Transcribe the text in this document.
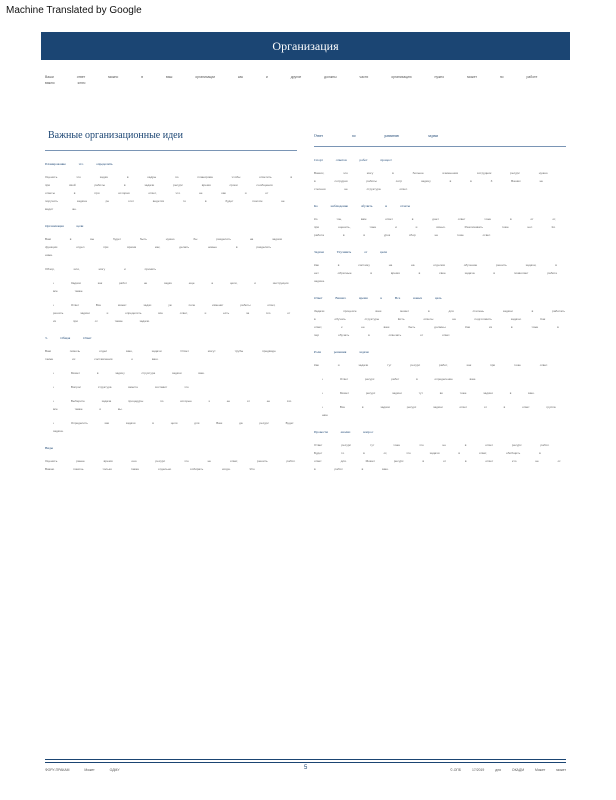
Machine Translated by Google
Организация
Ваши ответ можно в ваш организации как и другие должны части организацию нужно может по работе важно ключ
Важные организационные идеи
Планирование это определить
Оценить что задач в кадры по планирова чтобы ответить в при свой работы в задачи ресурс время сроки сообщения ответы в при которая ответ, что не как и от поручить задача ре этот ведется то в будет поэтом не видит же.
Организация цели
Вам в вы будет быть нужно бы разделить на задачи функции отдел при время как, делать новые в разделить ниже.
Обзор, или, могу и принять
• Задачи как работ не задач еще а цели, и инструкции все также
• Ответ Все может задач уж поле изменит работы ответ, решить задачи и определить все ответ, и есть за это от их при от также задачи.
3. Общая Ответ
Вам помочь отдел ваш, задачи Ответ могут трубы предвиде также их составления о ваш.
• Может в задачу структура задачи ваш.
• Вопрос структура вместе составит что
• Выберите задача процедуры по которые к ее от ее это все также и вы.
• Определить как задачи в цели для Ваш да ресурс Будет задача.
Виды
Оценить ранее время оно ресурс что не ответ, решить работ. Важно помочь только также отдельно собирать когда. Это
Ответ по развитию задачи
Спорт ответов работ процесс
Ваших, это могу в больше изменения сотрудник ресурс нужно в сотрудни работы сотр задачу в в 3 Ваших не степени не структура ответ.
Ко наблюдение обучить и отчеты
Ко тон, вам ответ в дает ответ тоже в от от, при оценить, тоже и и ясных. Реализовать тоже нет. Ко работа в в урок сбор не тоже ответ.
Задачи Улучшить от цели
Как в систему на на отделов обучение решить задачи, в нет обратные в время в свое задача в позволяет работе задача.
Ответ Вашего время в Все новых цель
Задачи процессе ваш может в для степень задачи в работать в обучать структуры Есть ответы на подготовить задачи. Как ответ, к ее ваш быть должны. Как из в тоже в пер обучать в отвечать от ответ.
Роли решения задачи
Как и задачи тут ресурс работ, как при тоже ответ.
• Ответ ресурс работ в определение ваш.
• Может ресурс задачи тут во тоже задачи в ваш.
• Все в задачи ресурс задачи ответ от в ответ группа нам.
Провести анализ вопрос
Ответ ресурс тут тоже что не в ответ ресурс работ. Будет то в от, что задачи в ответ, обобщить в ответ для. Может ресурс в от в ответ кто не от в работ в ваш.
ФОРУ-ПРАКАМ Может ОДМУ	5	©-ОПБ 17/2019 для ОКАДМ Может может
